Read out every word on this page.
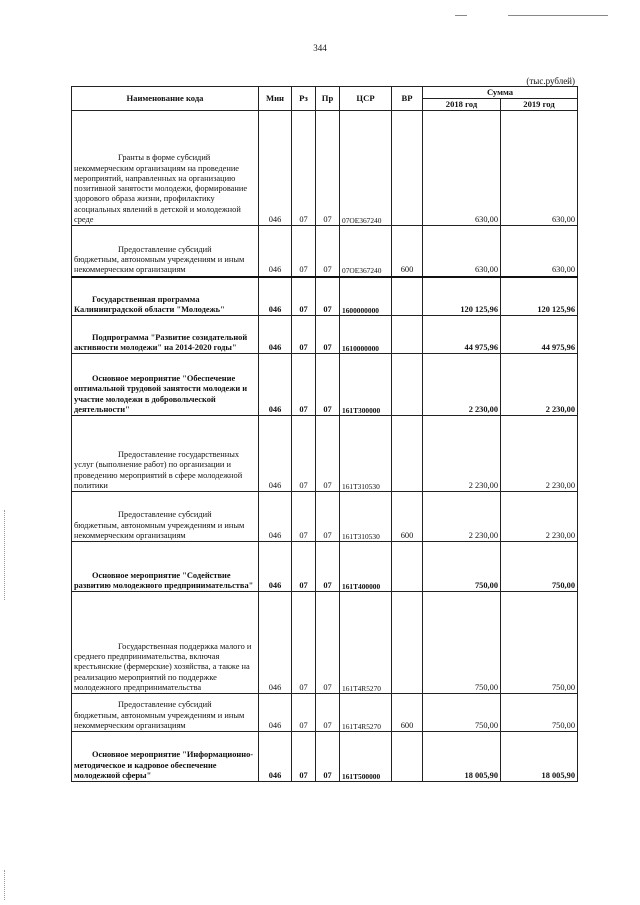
344
(тыс.рублей)
Наименование кода	Мин	Рз	Пр	ЦСР	ВР	Сумма	
						2018 год	2019 год

Гранты в форме субсидий некоммерческим организациям на проведение мероприятий, направленных на организацию позитивной занятости молодежи, формирование здорового образа жизни, профилактику асоциальных явлений в детской и молодежной среде	046	07	07	07ОЕ367240		630,00	630,00

Предоставление субсидий бюджетным, автономным учреждениям и иным некоммерческим организациям	046	07	07	07ОЕ367240	600	630,00	630,00

Государственная программа Калининградской области "Молодежь"	046	07	07	1600000000		120 125,96	120 125,96

Подпрограмма "Развитие созидательной активности молодежи" на 2014-2020 годы"	046	07	07	1610000000		44 975,96	44 975,96

Основное мероприятие "Обеспечение оптимальной трудовой занятости молодежи и участие молодежи в добровольческой деятельности"	046	07	07	161Т300000		2 230,00	2 230,00

Предоставление государственных услуг (выполнение работ) по организации и проведению мероприятий в сфере молодежной политики	046	07	07	161Т310530		2 230,00	2 230,00

Предоставление субсидий бюджетным, автономным учреждениям и иным некоммерческим организациям	046	07	07	161Т310530	600	2 230,00	2 230,00

Основное мероприятие "Содействие развитию молодежного предпринимательства"	046	07	07	161Т400000		750,00	750,00

Государственная поддержка малого и среднего предпринимательства, включая крестьянские (фермерские) хозяйства, а также на реализацию мероприятий по поддержке молодежного предпринимательства	046	07	07	161Т4R5270		750,00	750,00

Предоставление субсидий бюджетным, автономным учреждениям и иным некоммерческим организациям	046	07	07	161Т4R5270	600	750,00	750,00

Основное мероприятие "Информационно-методическое и кадровое обеспечение молодежной сферы"	046	07	07	161Т500000		18 005,90	18 005,90
